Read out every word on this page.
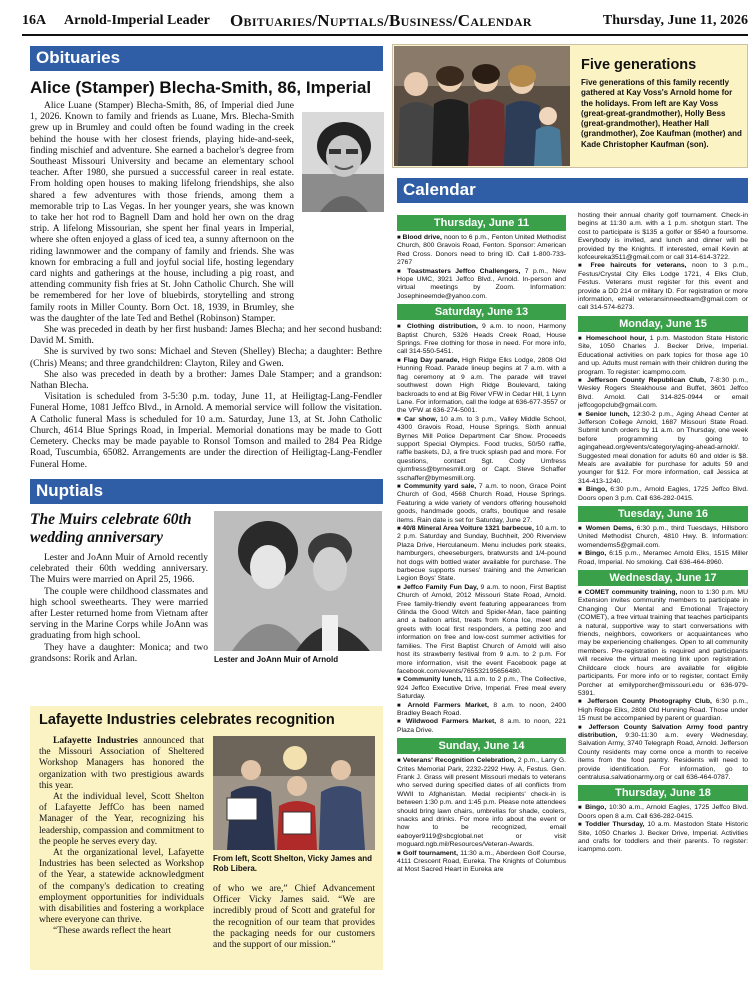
16A Arnold-Imperial Leader Obituaries/Nuptials/Business/Calendar	Thursday, June 11, 2026
Obituaries
Alice (Stamper) Blecha-Smith, 86, Imperial

Alice Luane (Stamper) Blecha-Smith, 86, of Imperial died June 1, 2026. Known to family and friends as Luane, Mrs. Blecha-Smith grew up in Brumley and could often be found wading in the creek behind the house with her closest friends, playing hide-and-seek, finding mischief and adventure. She earned a bachelor's degree from Southeast Missouri University and became an elementary school teacher. After 1980, she pursued a successful career in real estate. From holding open houses to making lifelong friendships, she also shared a few adventures with those friends, among them a memorable trip to Las Vegas. In her younger years, she was known to take her hot rod to Bagnell Dam and hold her own on the drag strip. A lifelong Missourian, she spent her final years in Imperial, where she often enjoyed a glass of iced tea, a sunny afternoon on the riding lawnmower and the company of family and friends. She was known for embracing a full and joyful social life, hosting legendary card nights and gatherings at the house, including a pig roast, and attending community fish fries at St. John Catholic Church. She will be remembered for her love of bluebirds, storytelling and strong family roots in Miller County. Born Oct. 18, 1939, in Brumley, she was the daughter of the late Ted and Bethel (Robinson) Stamper.

She was preceded in death by her first husband: James Blecha; and her second husband: David M. Smith.

She is survived by two sons: Michael and Steven (Shelley) Blecha; a daughter: Bethre (Chris) Means; and three grandchildren: Clayton, Riley and Gwen.

She also was preceded in death by a brother: James Dale Stamper; and a grandson: Nathan Blecha.

Visitation is scheduled from 3-5:30 p.m. today, June 11, at Heiligtag-Lang-Fendler Funeral Home, 1081 Jeffco Blvd., in Arnold. A memorial service will follow the visitation. A Catholic funeral Mass is scheduled for 10 a.m. Saturday, June 13, at St. John Catholic Church, 4614 Blue Springs Road, in Imperial. Memorial donations may be made to Gott Cemetery. Checks may be made payable to Ronsol Tomson and mailed to 284 Pea Ridge Road, Tuscumbia, 65082. Arrangements are under the direction of Heiligtag-Lang-Fendler Funeral Home.

Nuptials
The Muirs celebrate 60th wedding anniversary

Lester and JoAnn Muir of Arnold recently celebrated their 60th wedding anniversary. The Muirs were married on April 25, 1966.

The couple were childhood classmates and high school sweethearts. They were married after Lester returned home from Vietnam after serving in the Marine Corps while JoAnn was graduating from high school.

They have a daughter: Monica; and two grandsons: Rorik and Arlan.	Lester and JoAnn Muir of Arnold
Lafayette Industries celebrates recognition

Lafayette Industries announced that the Missouri Association of Sheltered Workshop Managers has honored the organization with two prestigious awards this year.

At the individual level, Scott Shelton of Lafayette JeffCo has been named Manager of the Year, recognizing his leadership, compassion and commitment to the people he serves every day.

At the organizational level, Lafayette Industries has been selected as Workshop of the Year, a statewide acknowledgment of the company's dedication to creating employment opportunities for individuals with disabilities and fostering a workplace where everyone can thrive.

“These awards reflect the heart

From left, Scott Shelton, Vicky James and Rob Libera.
of who we are,” Chief Advancement Officer Vicky James said. “We are incredibly proud of Scott and grateful for the recognition of our team that provides the packaging needs for our customers and the support of our mission.”
Five generations
Five generations of this family recently gathered at Kay Voss's Arnold home for the holidays. From left are Kay Voss (great-great-grandmother), Holly Bess (great-grandmother), Heather Hall (grandmother), Zoe Kaufman (mother) and Kade Christopher Kaufman (son).
Calendar
Thursday, June 11

■ Blood drive, noon to 6 p.m., Fenton United Methodist Church, 800 Gravois Road, Fenton. Sponsor: American Red Cross. Donors need to bring ID. Call 1-800-733-2767

■ Toastmasters Jeffco Challengers, 7 p.m., New Hope UMC, 3921 Jeffco Blvd., Arnold. In-person and virtual meetings by Zoom. Information: Josephineemde@yahoo.com.

Saturday, June 13

■ Clothing distribution, 9 a.m. to noon, Harmony Baptist Church, 5326 Heads Creek Road, House Springs. Free clothing for those in need. For more info, call 314-550-5451.

■ Flag Day parade, High Ridge Elks Lodge, 2808 Old Hunning Road. Parade lineup begins at 7 a.m. with a flag ceremony at 9 a.m. The parade will travel southwest down High Ridge Boulevard, taking backroads to end at Big River VFW in Cedar Hill, 1 Lynn Lane. For information, call the lodge at 636-677-3557 or the VFW at 636-274-5001.

■ Car show, 10 a.m. to 3 p.m., Valley Middle School, 4300 Gravois Road, House Springs. Sixth annual Byrnes Mill Police Department Car Show. Proceeds support Special Olympics. Food trucks, 50/50 raffle, raffle baskets, DJ, a fire truck splash pad and more. For questions, contact Sgt. Cody Umfress cjumfress@byrnesmill.org or Capt. Steve Schaffer sschaffer@byrnesmill.org.

■ Community yard sale, 7 a.m. to noon, Grace Point Church of God, 4568 Church Road, House Springs. Featuring a wide variety of vendors offering household goods, handmade goods, crafts, boutique and resale items. Rain date is set for Saturday, June 27.

■ 40/8 Mineral Area Voiture 1321 barbecue, 10 a.m. to 2 p.m. Saturday and Sunday, Buchheit, 200 Riverview Plaza Drive, Herculaneum. Menu includes pork steaks, hamburgers, cheeseburgers, bratwursts and 1/4-pound hot dogs with bottled water available for purchase. The barbecue supports nurses' training and the American Legion Boys' State.

■ Jeffco Family Fun Day, 9 a.m. to noon, First Baptist Church of Arnold, 2012 Missouri State Road, Arnold. Free family-friendly event featuring appearances from Glinda the Good Witch and Spider-Man, face painting and a balloon artist, treats from Kona Ice, meet and greets with local first responders, a petting zoo and information on free and low-cost summer activities for families. The First Baptist Church of Arnold will also host its strawberry festival from 9 a.m. to 2 p.m. For more information, visit the event Facebook page at facebook.com/events/765532195656480.

■ Community lunch, 11 a.m. to 2 p.m., The Collective, 924 Jeffco Executive Drive, Imperial. Free meal every Saturday.

■ Arnold Farmers Market, 8 a.m. to noon, 2400 Bradley Beach Road.

■ Wildwood Farmers Market, 8 a.m. to noon, 221 Plaza Drive.

Sunday, June 14

■ Veterans' Recognition Celebration, 2 p.m., Larry G. Crites Memorial Park, 2232-2292 Hwy. A, Festus. Gen. Frank J. Grass will present Missouri medals to veterans who served during specified dates of all conflicts from WWII to Afghanistan. Medal recipients' check-in is between 1:30 p.m. and 1:45 p.m. Please note attendees should bring lawn chairs, umbrellas for shade, coolers, snacks and drinks. For more info about the event or how to be recognized, email eaboyer9119@sbcglobal.net or visit moguard.ngb.mil/Resources/Veteran-Awards.

■ Golf tournament, 11:30 a.m., Aberdeen Golf Course, 4111 Crescent Road, Eureka. The Knights of Columbus at Most Sacred Heart in Eureka are

hosting their annual charity golf tournament. Check-in begins at 11:30 a.m. with a 1 p.m. shotgun start. The cost to participate is $135 a golfer or $540 a foursome. Everybody is invited, and lunch and dinner will be provided by the Knights. If interested, email Kevin at kofceureka3511@gmail.com or call 314-614-3722.

■ Free haircuts for veterans, noon to 3 p.m., Festus/Crystal City Elks Lodge 1721, 4 Elks Club, Festus. Veterans must register for this event and provide a DD 214 or military ID. For registration or more information, email veteransinneedteam@gmail.com or call 314-574-6273.

Monday, June 15

■ Homeschool hour, 1 p.m. Mastodon State Historic Site, 1050 Charles J. Becker Drive, Imperial. Educational activities on park topics for those age 10 and up. Adults must remain with their children during the program. To register: icampmo.com.

■ Jefferson County Republican Club, 7-8:30 p.m., Wesley Rogers Steakhouse and Buffet, 3601 Jeffco Blvd. Arnold. Call 314-825-0944 or email jeffcogopclub@gmail.com.

■ Senior lunch, 12:30-2 p.m., Aging Ahead Center at Jefferson College Arnold, 1687 Missouri State Road. Submit lunch orders by 11 a.m. on Thursday, one week before programming by going to agingahead.org/events/category/aging-ahead-arnold/. Suggested meal donation for adults 60 and older is $8. Meals are available for purchase for adults 59 and younger for $12. For more information, call Jessica at 314-413-1240.

■ Bingo, 6:30 p.m., Arnold Eagles, 1725 Jeffco Blvd. Doors open 3 p.m. Call 636-282-0415.

Tuesday, June 16

■ Women Dems, 6:30 p.m., third Tuesdays, Hillsboro United Methodist Church, 4810 Hwy. B. Information: womendems5@gmail.com.

■ Bingo, 6:15 p.m., Meramec Arnold Elks, 1515 Miller Road, Imperial. No smoking. Call 636-464-8960.

Wednesday, June 17

■ COMET community training, noon to 1:30 p.m. MU Extension invites community members to participate in Changing Our Mental and Emotional Trajectory (COMET), a free virtual training that teaches participants a natural, supportive way to start conversations with friends, neighbors, coworkers or acquaintances who may be experiencing challenges. Open to all community members. Pre-registration is required and participants will receive the virtual meeting link upon registration. Childcare clock hours are available for eligible participants. For more info or to register, contact Emily Porcher at emilyporcher@missouri.edu or 636-979-5391.

■ Jefferson County Photography Club, 6:30 p.m., High Ridge Elks, 2808 Old Hunning Road. Those under 15 must be accompanied by parent or guardian.

■ Jefferson County Salvation Army food pantry distribution, 9:30-11:30 a.m. every Wednesday, Salvation Army, 3740 Telegraph Road, Arnold. Jefferson County residents may come once a month to receive items from the food pantry. Residents will need to provide identification. For information, go to centralusa.salvationarmy.org or call 636-464-0787.

Thursday, June 18

■ Bingo, 10:30 a.m., Arnold Eagles, 1725 Jeffco Blvd. Doors open 8 a.m. Call 636-282-0415.

■ Toddler Thursday, 10 a.m. Mastodon State Historic Site, 1050 Charles J. Becker Drive, Imperial. Activities and crafts for toddlers and their parents. To register: icampmo.com.
